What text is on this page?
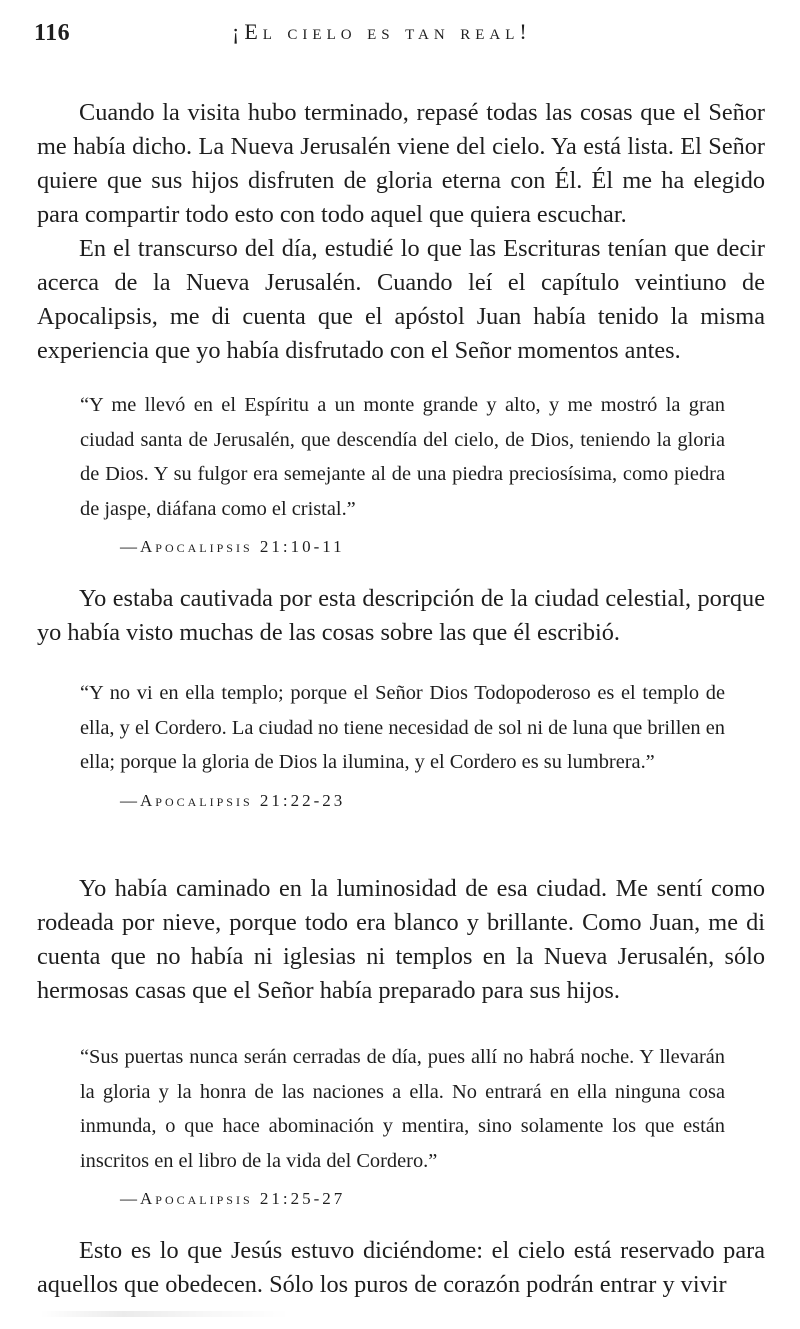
116	¡El cielo es tan real!

Cuando la visita hubo terminado, repasé todas las cosas que el Señor me había dicho. La Nueva Jerusalén viene del cielo. Ya está lista. El Señor quiere que sus hijos disfruten de gloria eterna con Él. Él me ha elegido para compartir todo esto con todo aquel que quiera escuchar.

En el transcurso del día, estudié lo que las Escrituras tenían que decir acerca de la Nueva Jerusalén. Cuando leí el capítulo veintiuno de Apocalipsis, me di cuenta que el apóstol Juan había tenido la misma experiencia que yo había disfrutado con el Señor momentos antes.

“Y me llevó en el Espíritu a un monte grande y alto, y me mostró la gran ciudad santa de Jerusalén, que descendía del cielo, de Dios, teniendo la gloria de Dios. Y su fulgor era semejante al de una piedra preciosísima, como piedra de jaspe, diáfana como el cristal.”

—Apocalipsis 21:10-11

Yo estaba cautivada por esta descripción de la ciudad celestial, porque yo había visto muchas de las cosas sobre las que él escribió.

“Y no vi en ella templo; porque el Señor Dios Todopoderoso es el templo de ella, y el Cordero. La ciudad no tiene necesidad de sol ni de luna que brillen en ella; porque la gloria de Dios la ilumina, y el Cordero es su lumbrera.”

—Apocalipsis 21:22-23

Yo había caminado en la luminosidad de esa ciudad. Me sentí como rodeada por nieve, porque todo era blanco y brillante. Como Juan, me di cuenta que no había ni iglesias ni templos en la Nueva Jerusalén, sólo hermosas casas que el Señor había preparado para sus hijos.

“Sus puertas nunca serán cerradas de día, pues allí no habrá noche. Y llevarán la gloria y la honra de las naciones a ella. No entrará en ella ninguna cosa inmunda, o que hace abominación y mentira, sino solamente los que están inscritos en el libro de la vida del Cordero.”

—Apocalipsis 21:25-27

Esto es lo que Jesús estuvo diciéndome: el cielo está reservado para aquellos que obedecen. Sólo los puros de corazón podrán entrar y vivir
